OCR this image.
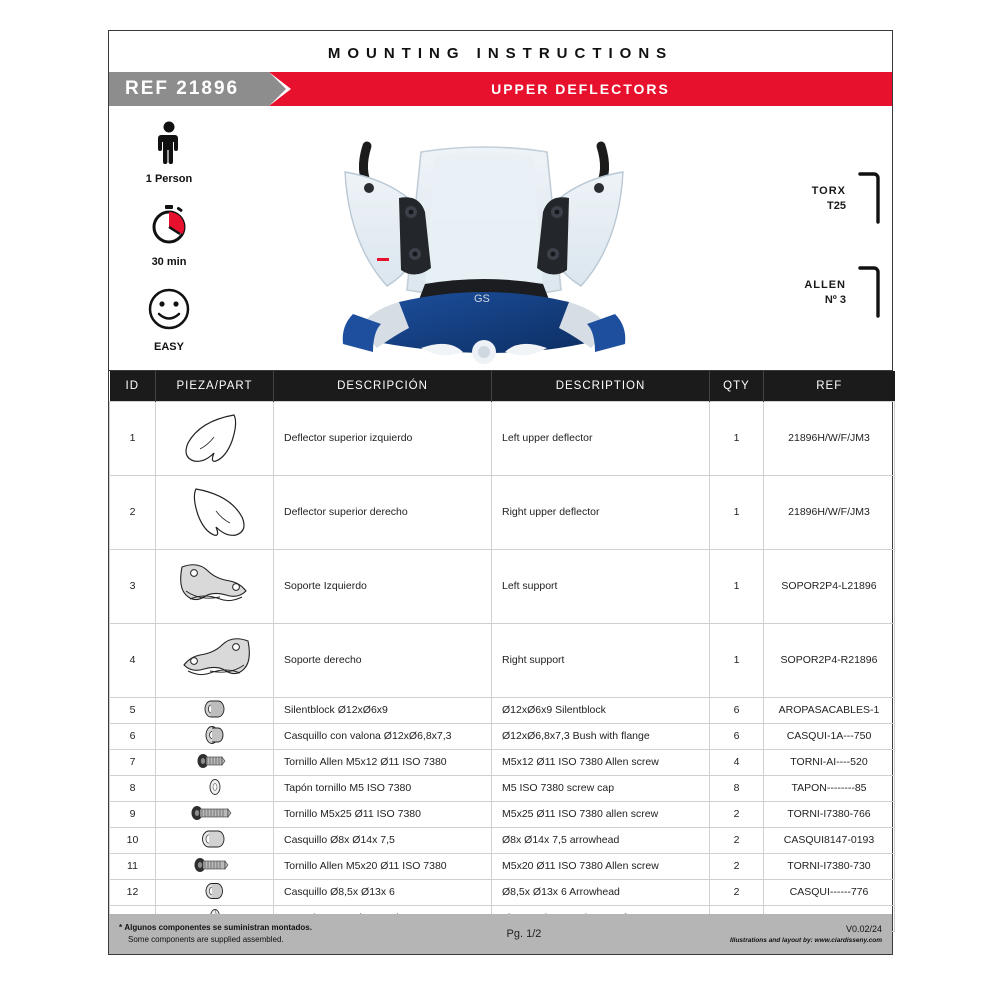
MOUNTING INSTRUCTIONS
REF 21896	UPPER DEFLECTORS
1 Person
30 min
EASY
GS
TORX
T25
ALLEN
Nº 3
ID	PIEZA/PART	DESCRIPCIÓN	DESCRIPTION	QTY	REF
1		Deflector superior izquierdo	Left upper deflector	1	21896H/W/F/JM3
2		Deflector superior derecho	Right upper deflector	1	21896H/W/F/JM3
3		Soporte Izquierdo	Left support	1	SOPOR2P4-L21896
4		Soporte derecho	Right support	1	SOPOR2P4-R21896
5		Silentblock Ø12xØ6x9	Ø12xØ6x9 Silentblock	6	AROPASACABLES-1
6		Casquillo con valona Ø12xØ6,8x7,3	Ø12xØ6,8x7,3 Bush with flange	6	CASQUI-1A---750
7		Tornillo Allen M5x12 Ø11 ISO 7380	M5x12 Ø11 ISO 7380 Allen screw	4	TORNI-AI----520
8		Tapón tornillo M5 ISO 7380	M5 ISO 7380 screw cap	8	TAPON--------85
9		Tornillo M5x25 Ø11 ISO 7380	M5x25 Ø11 ISO 7380 allen screw	2	TORNI-I7380-766
10		Casquillo Ø8x Ø14x 7,5	Ø8x Ø14x 7,5 arrowhead	2	CASQUI8147-0193
11		Tornillo Allen M5x20 Ø11 ISO 7380	M5x20 Ø11 ISO 7380 Allen screw	2	TORNI-I7380-730
12		Casquillo Ø8,5x Ø13x 6	Ø8,5x Ø13x 6 Arrowhead	2	CASQUI------776

* Algunos componentes se suministran montados.
Some components are supplied assembled.	Pg. 1/2	V0.02/24
Illustrations and layout by: www.ciardisseny.com
